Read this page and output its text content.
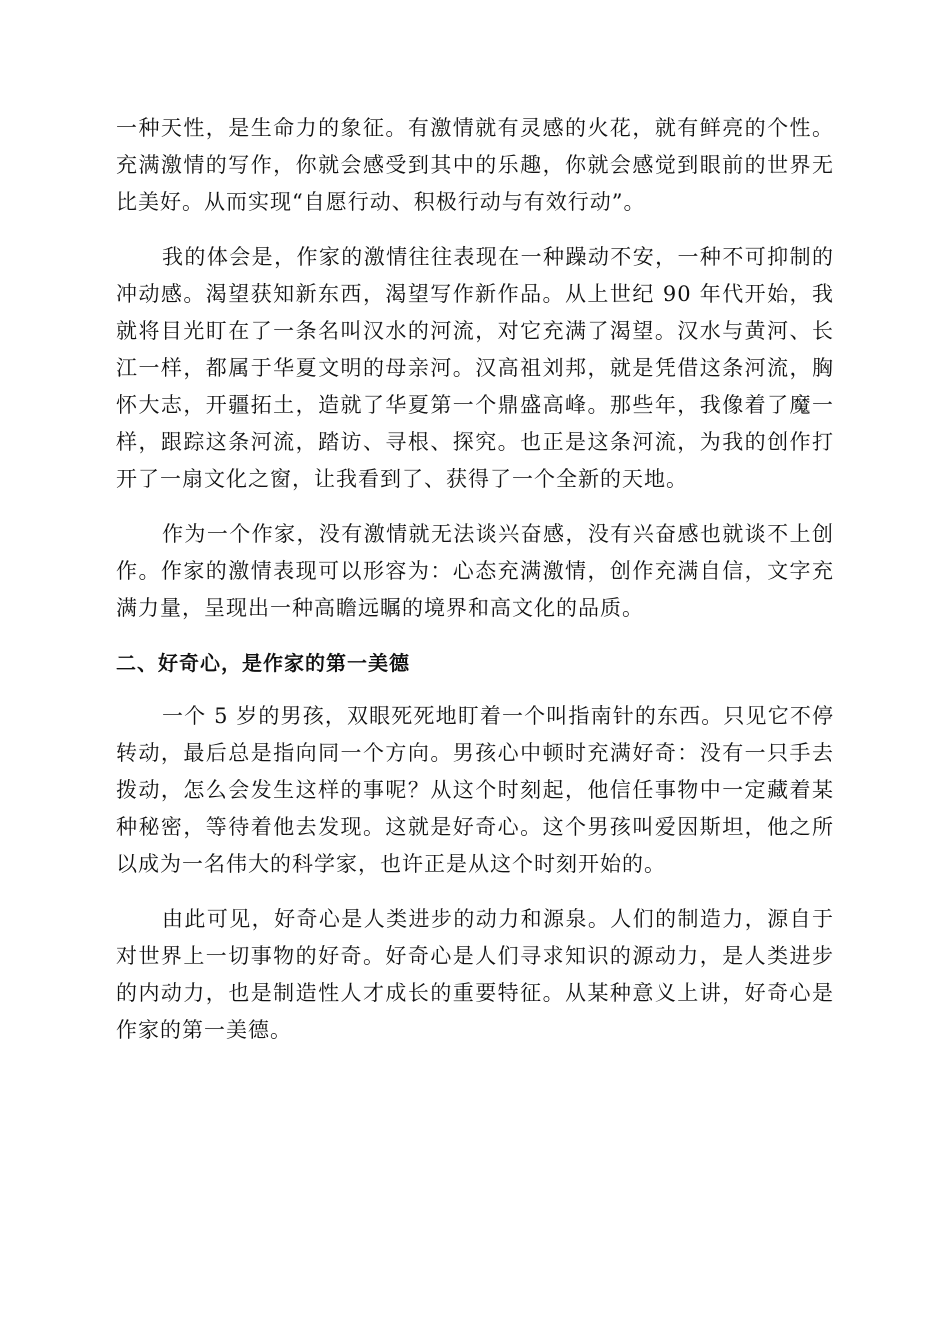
一种天性，是生命力的象征。有激情就有灵感的火花，就有鲜亮的个性。充满激情的写作，你就会感受到其中的乐趣，你就会感觉到眼前的世界无比美好。从而实现“自愿行动、积极行动与有效行动”。

我的体会是，作家的激情往往表现在一种躁动不安，一种不可抑制的冲动感。渴望获知新东西，渴望写作新作品。从上世纪 90 年代开始，我就将目光盯在了一条名叫汉水的河流，对它充满了渴望。汉水与黄河、长江一样，都属于华夏文明的母亲河。汉高祖刘邦，就是凭借这条河流，胸怀大志，开疆拓土，造就了华夏第一个鼎盛高峰。那些年，我像着了魔一样，跟踪这条河流，踏访、寻根、探究。也正是这条河流，为我的创作打开了一扇文化之窗，让我看到了、获得了一个全新的天地。

作为一个作家，没有激情就无法谈兴奋感，没有兴奋感也就谈不上创作。作家的激情表现可以形容为：心态充满激情，创作充满自信，文字充满力量，呈现出一种高瞻远瞩的境界和高文化的品质。

二、好奇心，是作家的第一美德

一个 5 岁的男孩，双眼死死地盯着一个叫指南针的东西。只见它不停转动，最后总是指向同一个方向。男孩心中顿时充满好奇：没有一只手去拨动，怎么会发生这样的事呢？从这个时刻起，他信任事物中一定藏着某种秘密，等待着他去发现。这就是好奇心。这个男孩叫爱因斯坦，他之所以成为一名伟大的科学家，也许正是从这个时刻开始的。

由此可见，好奇心是人类进步的动力和源泉。人们的制造力，源自于对世界上一切事物的好奇。好奇心是人们寻求知识的源动力，是人类进步的内动力，也是制造性人才成长的重要特征。从某种意义上讲，好奇心是作家的第一美德。
